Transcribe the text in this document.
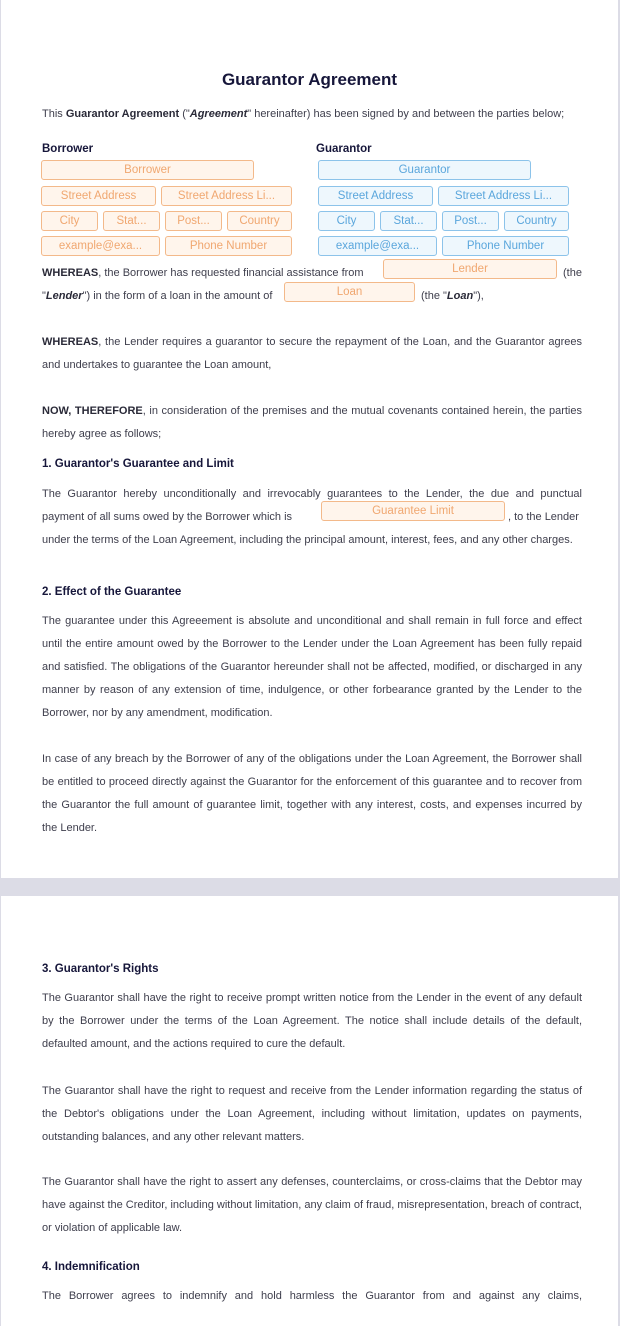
Guarantor Agreement

This Guarantor Agreement ("Agreement" hereinafter) has been signed by and between the parties below;

Borrower
Borrower
Street Address	Street Address Li...
City	Stat...	Post...	Country
example@exa...	Phone Number
Guarantor
Guarantor
Street Address	Street Address Li...
City	Stat...	Post...	Country
example@exa...	Phone Number
WHEREAS, the Borrower has requested financial assistance from	Lender	(the
"Lender") in the form of a loan in the amount of	Loan	(the "Loan"),

WHEREAS, the Lender requires a guarantor to secure the repayment of the Loan, and the Guarantor agrees and undertakes to guarantee the Loan amount,

NOW, THEREFORE, in consideration of the premises and the mutual covenants contained herein, the parties hereby agree as follows;

1. Guarantor's Guarantee and Limit

The Guarantor hereby unconditionally and irrevocably guarantees to the Lender, the due and punctual

payment of all sums owed by the Borrower which is	Guarantee Limit	, to the Lender

under the terms of the Loan Agreement, including the principal amount, interest, fees, and any other charges.

2. Effect of the Guarantee

The guarantee under this Agreeement is absolute and unconditional and shall remain in full force and effect until the entire amount owed by the Borrower to the Lender under the Loan Agreement has been fully repaid and satisfied. The obligations of the Guarantor hereunder shall not be affected, modified, or discharged in any manner by reason of any extension of time, indulgence, or other forbearance granted by the Lender to the Borrower, nor by any amendment, modification.

In case of any breach by the Borrower of any of the obligations under the Loan Agreement, the Borrower shall be entitled to proceed directly against the Guarantor for the enforcement of this guarantee and to recover from the Guarantor the full amount of guarantee limit, together with any interest, costs, and expenses incurred by the Lender.

3. Guarantor's Rights

The Guarantor shall have the right to receive prompt written notice from the Lender in the event of any default by the Borrower under the terms of the Loan Agreement. The notice shall include details of the default, defaulted amount, and the actions required to cure the default.

The Guarantor shall have the right to request and receive from the Lender information regarding the status of the Debtor's obligations under the Loan Agreement, including without limitation, updates on payments, outstanding balances, and any other relevant matters.

The Guarantor shall have the right to assert any defenses, counterclaims, or cross-claims that the Debtor may have against the Creditor, including without limitation, any claim of fraud, misrepresentation, breach of contract, or violation of applicable law.

4. Indemnification

The Borrower agrees to indemnify and hold harmless the Guarantor from and against any claims,
